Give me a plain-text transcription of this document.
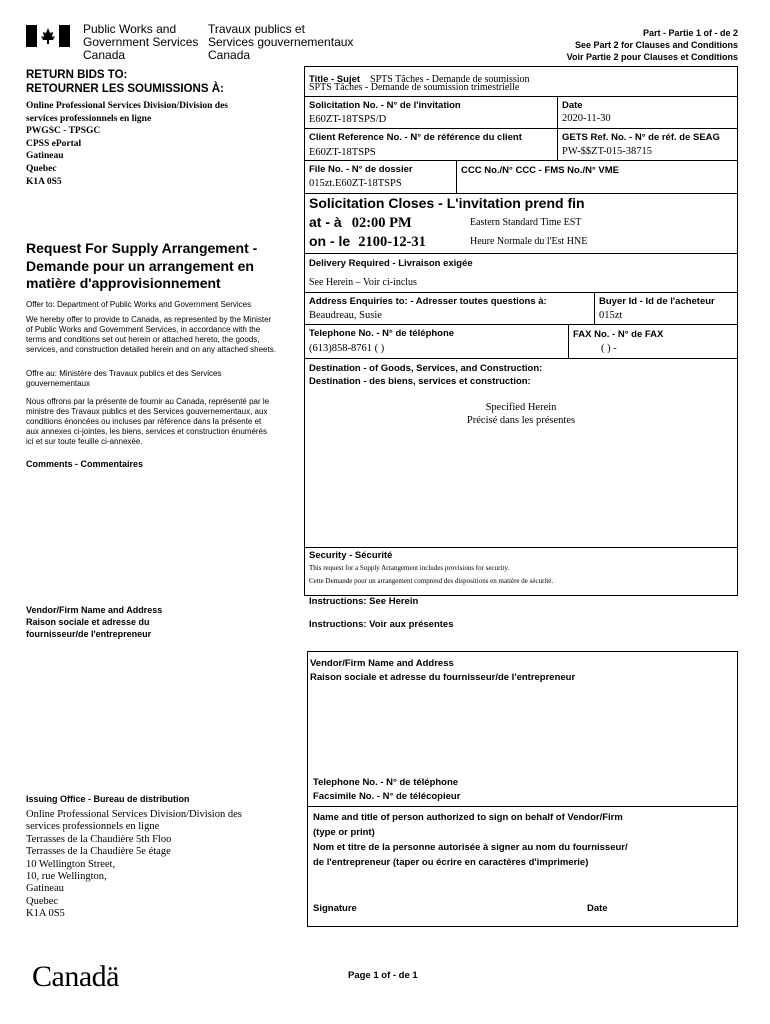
Public Works and
Government Services
Canada
Travaux publics et
Services gouvernementaux
Canada
Part - Partie 1 of - de 2
See Part 2 for Clauses and Conditions
Voir Partie 2 pour Clauses et Conditions
RETURN BIDS TO:
RETOURNER LES SOUMISSIONS À:
Online Professional Services Division/Division des
services professionnels en ligne
PWGSC - TPSGC
CPSS ePortal
Gatineau
Quebec
K1A 0S5
Request For Supply Arrangement -
Demande pour un arrangement en
matière d'approvisionnement
Offer to: Department of Public Works and Government Services
We hereby offer to provide to Canada, as represented by the Minister
of Public Works and Government Services, in accordance with the
terms and conditions set out herein or attached hereto, the goods,
services, and construction detailed herein and on any attached sheets.
Offre au: Ministère des Travaux publics et des Services
gouvernementaux
Nous offrons par la présente de fournir au Canada, représenté par le
ministre des Travaux publics et des Services gouvernementaux, aux
conditions énoncées ou incluses par référence dans la présente et
aux annexes ci-jointes, les biens, services et construction énumérés
ici et sur toute feuille ci-annexée.
Comments - Commentaires
Vendor/Firm Name and Address
Raison sociale et adresse du
fournisseur/de l'entrepreneur
Issuing Office - Bureau de distribution
Online Professional Services Division/Division des
services professionnels en ligne
Terrasses de la Chaudière 5th Floo
Terrasses de la Chaudière 5e étage
10 Wellington Street,
10, rue Wellington,
Gatineau
Quebec
K1A 0S5
Title - Sujet SPTS Tâches - Demande de soumission
SPTS Tâches - Demande de soumission trimestrielle
Solicitation No. - N° de l'invitation
E60ZT-18TSPS/D
Date
2020-11-30
Client Reference No. - N° de référence du client
E60ZT-18TSPS
GETS Ref. No. - N° de réf. de SEAG
PW-$$ZT-015-38715
File No. - N° de dossier
015zt.E60ZT-18TSPS
CCC No./N° CCC - FMS No./N° VME
Solicitation Closes - L'invitation prend fin
at - à 02:00 PM	Eastern Standard Time EST
on - le 2100-12-31	Heure Normale du l'Est HNE
Delivery Required - Livraison exigée
See Herein – Voir ci-inclus
Address Enquiries to: - Adresser toutes questions à:
Beaudreau, Susie
Buyer Id - Id de l'acheteur
015zt
Telephone No. - N° de téléphone
(613)858-8761 ( )
FAX No. - N° de FAX
( ) -
Destination - of Goods, Services, and Construction:
Destination - des biens, services et construction:
Specified Herein
Précisé dans les présentes
Security - Sécurité
This request for a Supply Arrangement includes provisions for security.
Cette Demande pour un arrangement comprend des dispositions en matière de sécurité.
Instructions: See Herein
Instructions: Voir aux présentes
Vendor/Firm Name and Address
Raison sociale et adresse du fournisseur/de l'entrepreneur
Telephone No. - N° de téléphone
Facsimile No. - N° de télécopieur
Name and title of person authorized to sign on behalf of Vendor/Firm
(type or print)
Nom et titre de la personne autorisée à signer au nom du fournisseur/
de l'entrepreneur (taper ou écrire en caractères d'imprimerie)
Signature	Date
Canadä	Page 1 of - de 1
